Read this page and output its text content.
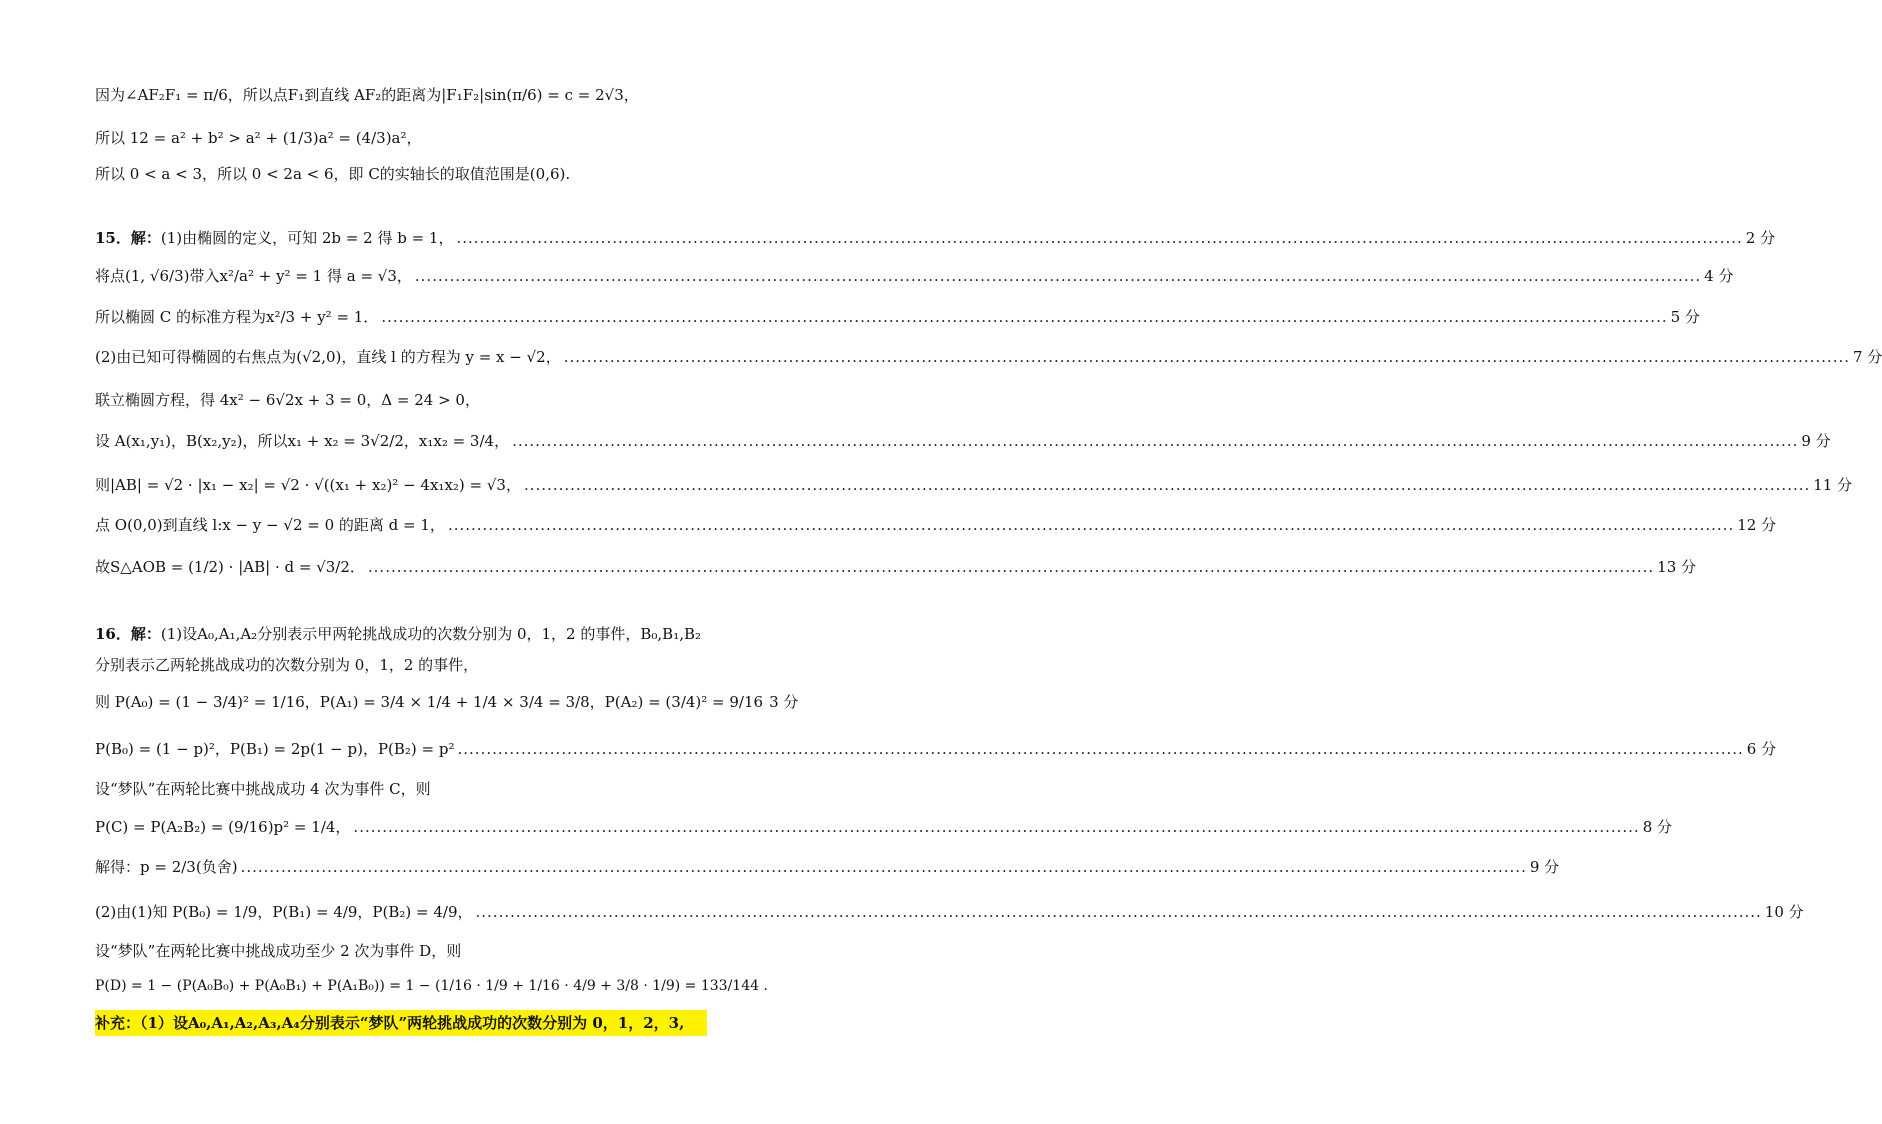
因为∠AF₂F₁ = π/6，所以点F₁到直线 AF₂的距离为|F₁F₂|sin(π/6) = c = 2√3，
所以 12 = a² + b² > a² + (1/3)a² = (4/3)a²，
所以 0 < a < 3，所以 0 < 2a < 6，即 C的实轴长的取值范围是(0,6).
15．解：(1)由椭圆的定义，可知 2b = 2 得 b = 1， .....	2 分
将点(1, √6/3)带入x²/a² + y² = 1 得 a = √3， .....	4 分
所以椭圆 C 的标准方程为x²/3 + y² = 1． .....	5 分
(2)由已知可得椭圆的右焦点为(√2,0)，直线 l 的方程为 y = x − √2， .....	7 分
联立椭圆方程，得 4x² − 6√2x + 3 = 0，Δ = 24 > 0，
设 A(x₁,y₁)，B(x₂,y₂)，所以x₁ + x₂ = 3√2/2，x₁x₂ = 3/4， .....	9 分
则|AB| = √2 · |x₁ − x₂| = √2 · √((x₁ + x₂)² − 4x₁x₂) = √3， .....	11 分
点 O(0,0)到直线 l:x − y − √2 = 0 的距离 d = 1， .....	12 分
故S△AOB = (1/2) · |AB| · d = √3/2． .....	13 分
16．解：(1)设A₀,A₁,A₂分别表示甲两轮挑战成功的次数分别为 0，1，2 的事件，B₀,B₁,B₂
分别表示乙两轮挑战成功的次数分别为 0，1，2 的事件，
则 P(A₀) = (1 − 3/4)² = 1/16，P(A₁) = 3/4 × 1/4 + 1/4 × 3/4 = 3/8，P(A₂) = (3/4)² = 9/16 3 分
P(B₀) = (1 − p)²，P(B₁) = 2p(1 − p)，P(B₂) = p² .....	6 分
设“梦队”在两轮比赛中挑战成功 4 次为事件 C，则
P(C) = P(A₂B₂) = (9/16)p² = 1/4， .....	8 分
解得：p = 2/3(负舍) .....	9 分
(2)由(1)知 P(B₀) = 1/9，P(B₁) = 4/9，P(B₂) = 4/9， .....	10 分
设“梦队”在两轮比赛中挑战成功至少 2 次为事件 D，则
P(D) = 1 − (P(A₀B₀) + P(A₀B₁) + P(A₁B₀)) = 1 − (1/16 · 1/9 + 1/16 · 4/9 + 3/8 · 1/9) = 133/144 ．
补充：（1）设A₀,A₁,A₂,A₃,A₄分别表示“梦队”两轮挑战成功的次数分别为 0，1，2，3,
